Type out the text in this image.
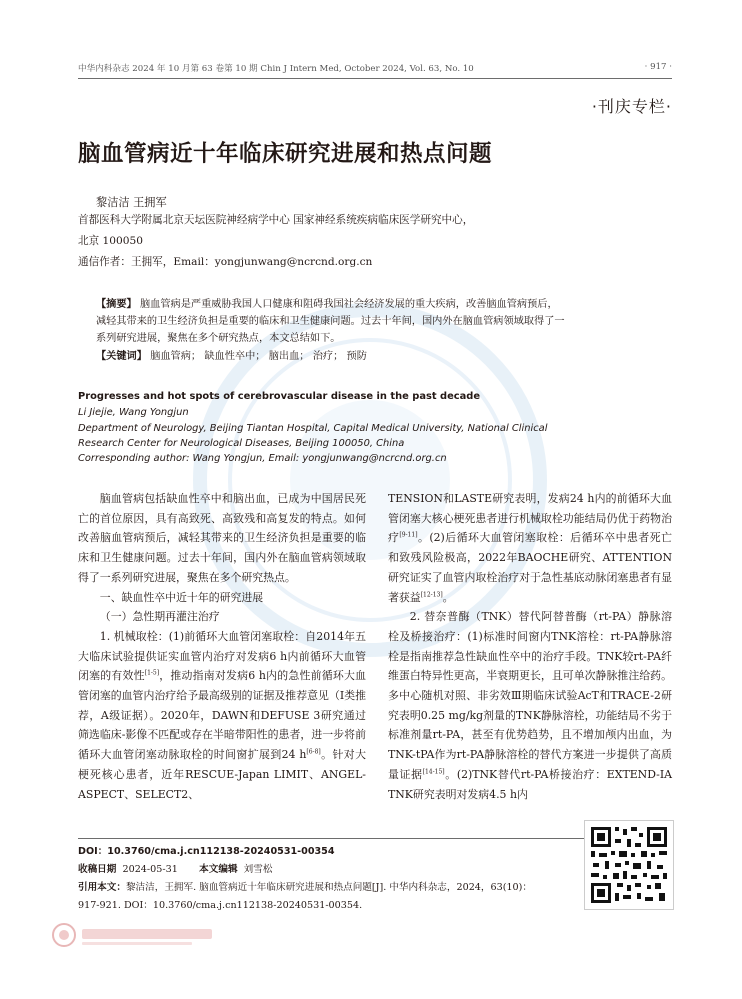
中华内科杂志 2024 年 10 月第 63 卷第 10 期 Chin J Intern Med, October 2024, Vol. 63, No. 10	· 917 ·
·刊庆专栏·
脑血管病近十年临床研究进展和热点问题
黎洁洁 王拥军
首都医科大学附属北京天坛医院神经病学中心 国家神经系统疾病临床医学研究中心，
北京 100050
通信作者：王拥军，Email：yongjunwang@ncrcnd.org.cn
【摘要】 脑血管病是严重威胁我国人口健康和阻碍我国社会经济发展的重大疾病，改善脑血管病预后，减轻其带来的卫生经济负担是重要的临床和卫生健康问题。过去十年间，国内外在脑血管病领域取得了一系列研究进展，聚焦在多个研究热点，本文总结如下。
【关键词】 脑血管病； 缺血性卒中； 脑出血； 治疗； 预防
Progresses and hot spots of cerebrovascular disease in the past decade
Li Jiejie, Wang Yongjun
Department of Neurology, Beijing Tiantan Hospital, Capital Medical University, National Clinical
Research Center for Neurological Diseases, Beijing 100050, China
Corresponding author: Wang Yongjun, Email: yongjunwang@ncrcnd.org.cn

脑血管病包括缺血性卒中和脑出血，已成为中国居民死亡的首位原因，具有高致死、高致残和高复发的特点。如何改善脑血管病预后，减轻其带来的卫生经济负担是重要的临床和卫生健康问题。过去十年间，国内外在脑血管病领域取得了一系列研究进展，聚焦在多个研究热点。

一、缺血性卒中近十年的研究进展

（一）急性期再灌注治疗

1. 机械取栓：(1)前循环大血管闭塞取栓：自2014年五大临床试验提供证实血管内治疗对发病6 h内前循环大血管闭塞的有效性[1-5]，推动指南对发病6 h内的急性前循环大血管闭塞的血管内治疗给予最高级别的证据及推荐意见（Ⅰ类推荐，A级证据）。2020年，DAWN和DEFUSE 3研究通过筛选临床-影像不匹配或存在半暗带阳性的患者，进一步将前循环大血管闭塞动脉取栓的时间窗扩展到24 h[6-8]。针对大梗死核心患者，近年RESCUE-Japan LIMIT、ANGEL-ASPECT、SELECT2、

TENSION和LASTE研究表明，发病24 h内的前循环大血管闭塞大核心梗死患者进行机械取栓功能结局仍优于药物治疗[9-11]。(2)后循环大血管闭塞取栓：后循环卒中患者死亡和致残风险极高，2022年BAOCHE研究、ATTENTION研究证实了血管内取栓治疗对于急性基底动脉闭塞患者有显著获益[12-13]。

2. 替奈普酶（TNK）替代阿替普酶（rt-PA）静脉溶栓及桥接治疗：(1)标准时间窗内TNK溶栓：rt-PA静脉溶栓是指南推荐急性缺血性卒中的治疗手段。TNK较rt-PA纤维蛋白特异性更高，半衰期更长，且可单次静脉推注给药。多中心随机对照、非劣效Ⅲ期临床试验AcT和TRACE-2研究表明0.25 mg/kg剂量的TNK静脉溶栓，功能结局不劣于标准剂量rt-PA，甚至有优势趋势，且不增加颅内出血，为TNK-tPA作为rt-PA静脉溶栓的替代方案进一步提供了高质量证据[14-15]。(2)TNK替代rt-PA桥接治疗：EXTEND-IA TNK研究表明对发病4.5 h内

DOI：10.3760/cma.j.cn112138-20240531-00354
收稿日期 2024-05-31 本文编辑 刘雪松
引用本文：黎洁洁，王拥军. 脑血管病近十年临床研究进展和热点问题[J]. 中华内科杂志，2024，63(10)：
917-921. DOI：10.3760/cma.j.cn112138-20240531-00354.
